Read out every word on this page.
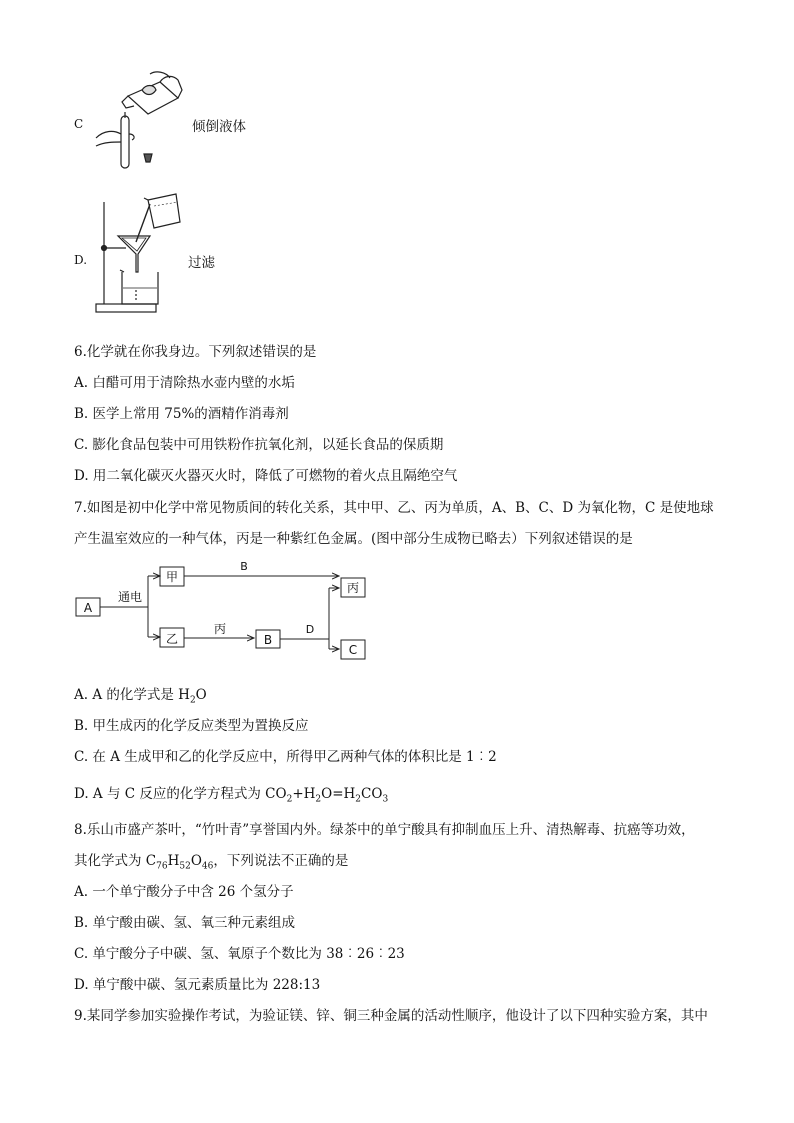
C	倾倒液体
D.	过滤
6.化学就在你我身边。下列叙述错误的是
A. 白醋可用于清除热水壶内壁的水垢
B. 医学上常用 75%的酒精作消毒剂
C. 膨化食品包装中可用铁粉作抗氧化剂，以延长食品的保质期
D. 用二氧化碳灭火器灭火时，降低了可燃物的着火点且隔绝空气
7.如图是初中化学中常见物质间的转化关系，其中甲、乙、丙为单质，A、B、C、D 为氧化物，C 是使地球
产生温室效应的一种气体，丙是一种紫红色金属。(图中部分生成物已略去）下列叙述错误的是
A
甲
乙	B
丙
C
通电
B
丙	D
A. A 的化学式是 $H_2O$
B. 甲生成丙的化学反应类型为置换反应
C. 在 A 生成甲和乙的化学反应中，所得甲乙两种气体的体积比是 1︰2
D. A 与 C 反应的化学方程式为 $CO_2+H_2O=H_2CO_3$
8.乐山市盛产茶叶，“竹叶青”享誉国内外。绿茶中的单宁酸具有抑制血压上升、清热解毒、抗癌等功效，
其化学式为 $C_{76}H_{52}O_{46}$，下列说法不正确的是
A. 一个单宁酸分子中含 26 个氢分子
B. 单宁酸由碳、氢、氧三种元素组成
C. 单宁酸分子中碳、氢、氧原子个数比为 38︰26︰23
D. 单宁酸中碳、氢元素质量比为 228:13
9.某同学参加实验操作考试，为验证镁、锌、铜三种金属的活动性顺序，他设计了以下四种实验方案，其中
